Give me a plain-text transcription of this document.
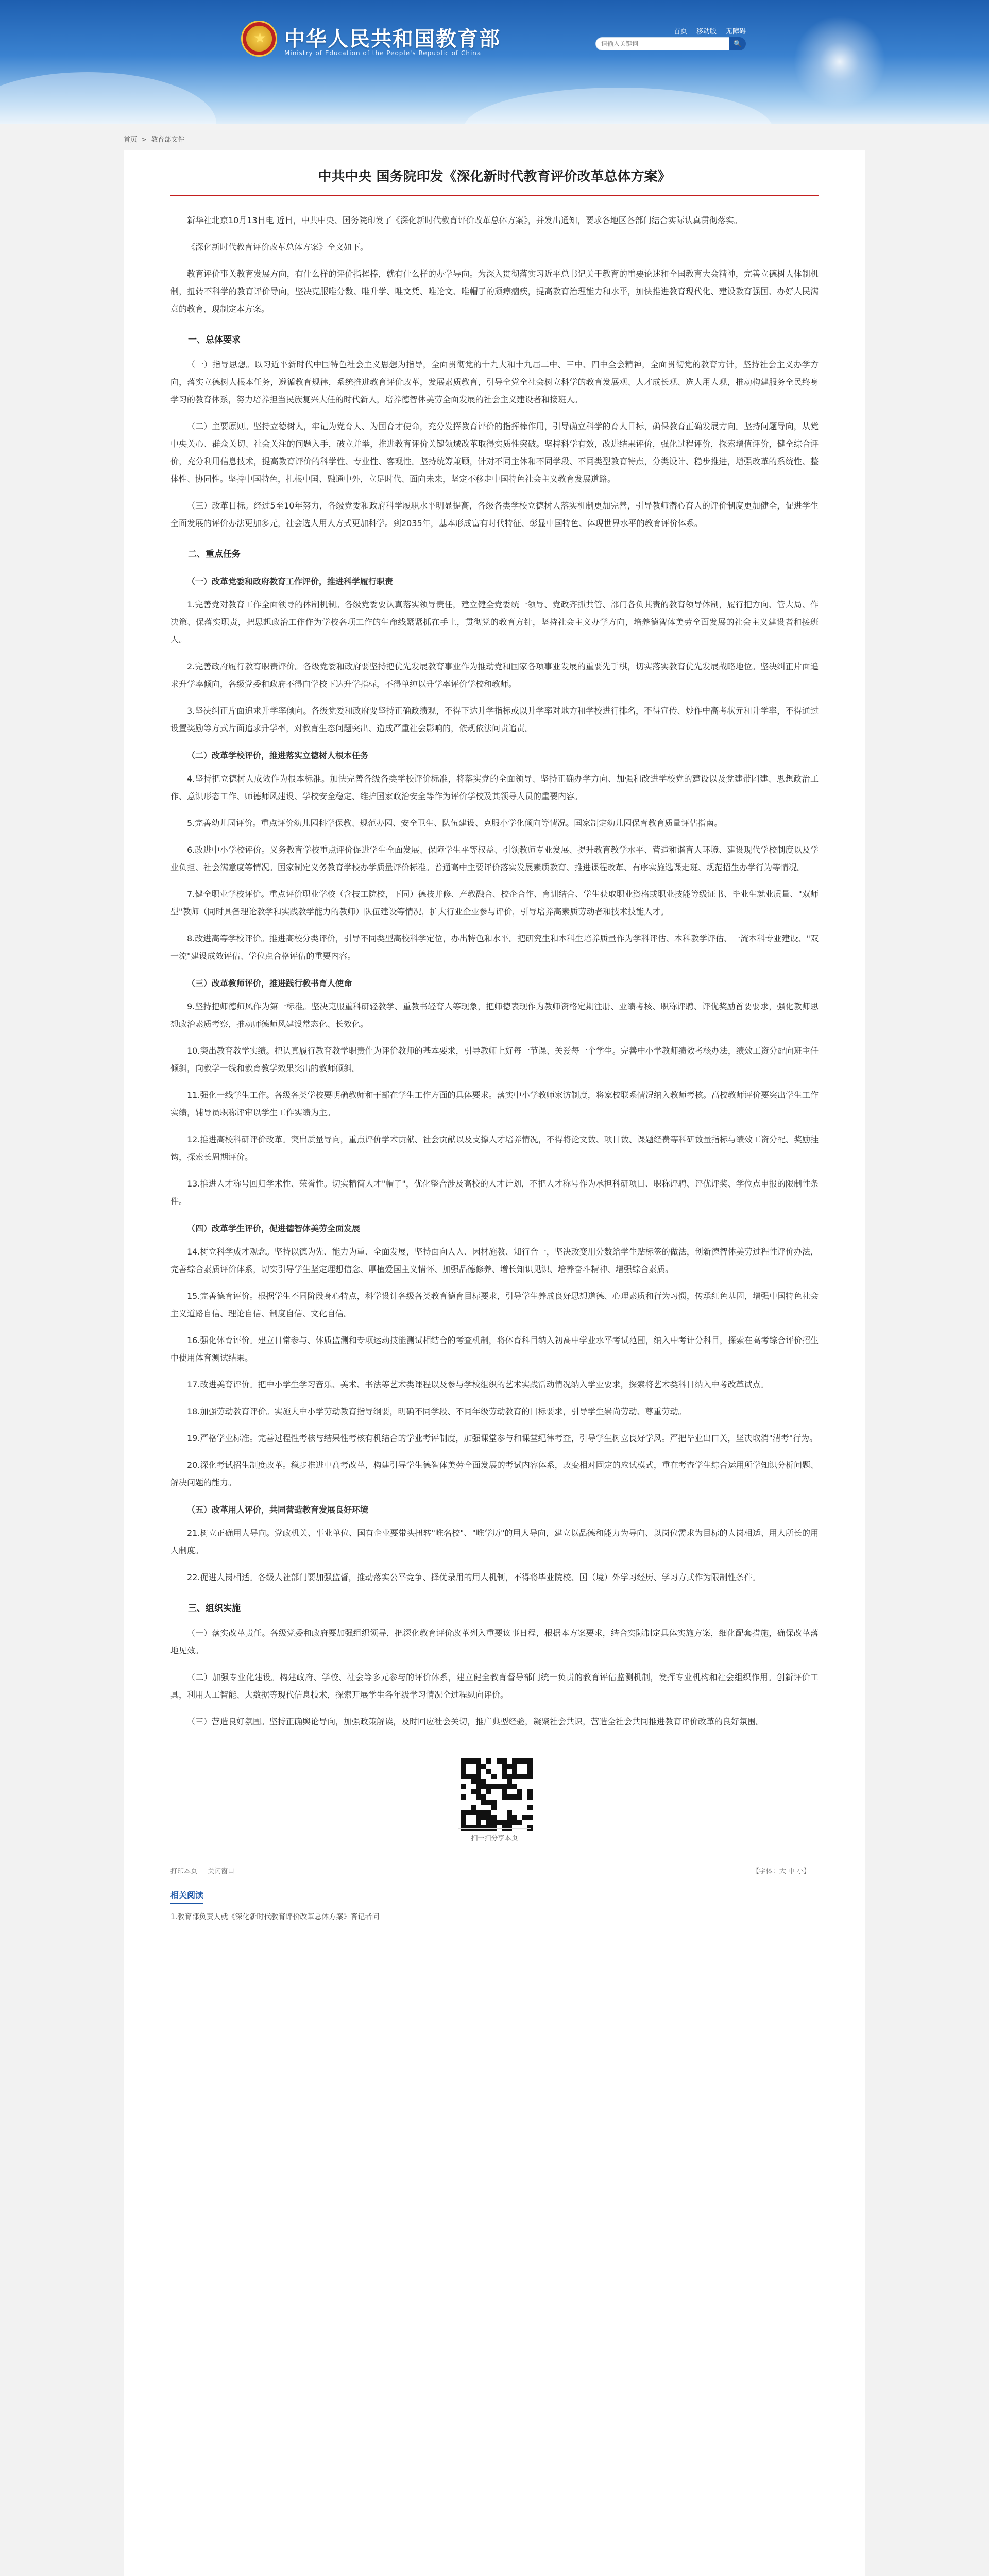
★
中华人民共和国教育部
Ministry of Education of the People's Republic of China
首页 移动版 无障碍
请输入关键词
🔍
首页 > 教育部文件
中共中央 国务院印发《深化新时代教育评价改革总体方案》

新华社北京10月13日电 近日，中共中央、国务院印发了《深化新时代教育评价改革总体方案》，并发出通知，要求各地区各部门结合实际认真贯彻落实。

《深化新时代教育评价改革总体方案》全文如下。

教育评价事关教育发展方向，有什么样的评价指挥棒，就有什么样的办学导向。为深入贯彻落实习近平总书记关于教育的重要论述和全国教育大会精神，完善立德树人体制机制，扭转不科学的教育评价导向，坚决克服唯分数、唯升学、唯文凭、唯论文、唯帽子的顽瘴痼疾，提高教育治理能力和水平，加快推进教育现代化、建设教育强国、办好人民满意的教育，现制定本方案。

一、总体要求

（一）指导思想。以习近平新时代中国特色社会主义思想为指导，全面贯彻党的十九大和十九届二中、三中、四中全会精神，全面贯彻党的教育方针，坚持社会主义办学方向，落实立德树人根本任务，遵循教育规律，系统推进教育评价改革，发展素质教育，引导全党全社会树立科学的教育发展观、人才成长观、选人用人观，推动构建服务全民终身学习的教育体系，努力培养担当民族复兴大任的时代新人，培养德智体美劳全面发展的社会主义建设者和接班人。

（二）主要原则。坚持立德树人，牢记为党育人、为国育才使命，充分发挥教育评价的指挥棒作用，引导确立科学的育人目标，确保教育正确发展方向。坚持问题导向，从党中央关心、群众关切、社会关注的问题入手，破立并举，推进教育评价关键领域改革取得实质性突破。坚持科学有效，改进结果评价，强化过程评价，探索增值评价，健全综合评价，充分利用信息技术，提高教育评价的科学性、专业性、客观性。坚持统筹兼顾，针对不同主体和不同学段、不同类型教育特点，分类设计、稳步推进，增强改革的系统性、整体性、协同性。坚持中国特色，扎根中国、融通中外，立足时代、面向未来，坚定不移走中国特色社会主义教育发展道路。

（三）改革目标。经过5至10年努力，各级党委和政府科学履职水平明显提高，各级各类学校立德树人落实机制更加完善，引导教师潜心育人的评价制度更加健全，促进学生全面发展的评价办法更加多元，社会选人用人方式更加科学。到2035年，基本形成富有时代特征、彰显中国特色、体现世界水平的教育评价体系。

二、重点任务
（一）改革党委和政府教育工作评价，推进科学履行职责

1.完善党对教育工作全面领导的体制机制。各级党委要认真落实领导责任，建立健全党委统一领导、党政齐抓共管、部门各负其责的教育领导体制，履行把方向、管大局、作决策、保落实职责，把思想政治工作作为学校各项工作的生命线紧紧抓在手上，贯彻党的教育方针，坚持社会主义办学方向，培养德智体美劳全面发展的社会主义建设者和接班人。

2.完善政府履行教育职责评价。各级党委和政府要坚持把优先发展教育事业作为推动党和国家各项事业发展的重要先手棋，切实落实教育优先发展战略地位。坚决纠正片面追求升学率倾向，各级党委和政府不得向学校下达升学指标，不得单纯以升学率评价学校和教师。

3.坚决纠正片面追求升学率倾向。各级党委和政府要坚持正确政绩观，不得下达升学指标或以升学率对地方和学校进行排名，不得宣传、炒作中高考状元和升学率，不得通过设置奖励等方式片面追求升学率，对教育生态问题突出、造成严重社会影响的，依规依法问责追责。

（二）改革学校评价，推进落实立德树人根本任务

4.坚持把立德树人成效作为根本标准。加快完善各级各类学校评价标准，将落实党的全面领导、坚持正确办学方向、加强和改进学校党的建设以及党建带团建、思想政治工作、意识形态工作、师德师风建设、学校安全稳定、维护国家政治安全等作为评价学校及其领导人员的重要内容。

5.完善幼儿园评价。重点评价幼儿园科学保教、规范办园、安全卫生、队伍建设、克服小学化倾向等情况。国家制定幼儿园保育教育质量评估指南。

6.改进中小学校评价。义务教育学校重点评价促进学生全面发展、保障学生平等权益、引领教师专业发展、提升教育教学水平、营造和谐育人环境、建设现代学校制度以及学业负担、社会满意度等情况。国家制定义务教育学校办学质量评价标准。普通高中主要评价落实发展素质教育、推进课程改革、有序实施选课走班、规范招生办学行为等情况。

7.健全职业学校评价。重点评价职业学校（含技工院校，下同）德技并修、产教融合、校企合作、育训结合、学生获取职业资格或职业技能等级证书、毕业生就业质量、"双师型"教师（同时具备理论教学和实践教学能力的教师）队伍建设等情况，扩大行业企业参与评价，引导培养高素质劳动者和技术技能人才。

8.改进高等学校评价。推进高校分类评价，引导不同类型高校科学定位，办出特色和水平。把研究生和本科生培养质量作为学科评估、本科教学评估、一流本科专业建设、"双一流"建设成效评估、学位点合格评估的重要内容。

（三）改革教师评价，推进践行教书育人使命

9.坚持把师德师风作为第一标准。坚决克服重科研轻教学、重教书轻育人等现象，把师德表现作为教师资格定期注册、业绩考核、职称评聘、评优奖励首要要求，强化教师思想政治素质考察，推动师德师风建设常态化、长效化。

10.突出教育教学实绩。把认真履行教育教学职责作为评价教师的基本要求，引导教师上好每一节课、关爱每一个学生。完善中小学教师绩效考核办法，绩效工资分配向班主任倾斜，向教学一线和教育教学效果突出的教师倾斜。

11.强化一线学生工作。各级各类学校要明确教师和干部在学生工作方面的具体要求。落实中小学教师家访制度，将家校联系情况纳入教师考核。高校教师评价要突出学生工作实绩，辅导员职称评审以学生工作实绩为主。

12.推进高校科研评价改革。突出质量导向，重点评价学术贡献、社会贡献以及支撑人才培养情况，不得将论文数、项目数、课题经费等科研数量指标与绩效工资分配、奖励挂钩，探索长周期评价。

13.推进人才称号回归学术性、荣誉性。切实精简人才"帽子"，优化整合涉及高校的人才计划，不把人才称号作为承担科研项目、职称评聘、评优评奖、学位点申报的限制性条件。

（四）改革学生评价，促进德智体美劳全面发展

14.树立科学成才观念。坚持以德为先、能力为重、全面发展，坚持面向人人、因材施教、知行合一，坚决改变用分数给学生贴标签的做法，创新德智体美劳过程性评价办法，完善综合素质评价体系，切实引导学生坚定理想信念、厚植爱国主义情怀、加强品德修养、增长知识见识、培养奋斗精神、增强综合素质。

15.完善德育评价。根据学生不同阶段身心特点，科学设计各级各类教育德育目标要求，引导学生养成良好思想道德、心理素质和行为习惯，传承红色基因，增强中国特色社会主义道路自信、理论自信、制度自信、文化自信。

16.强化体育评价。建立日常参与、体质监测和专项运动技能测试相结合的考查机制，将体育科目纳入初高中学业水平考试范围，纳入中考计分科目，探索在高考综合评价招生中使用体育测试结果。

17.改进美育评价。把中小学生学习音乐、美术、书法等艺术类课程以及参与学校组织的艺术实践活动情况纳入学业要求，探索将艺术类科目纳入中考改革试点。

18.加强劳动教育评价。实施大中小学劳动教育指导纲要，明确不同学段、不同年级劳动教育的目标要求，引导学生崇尚劳动、尊重劳动。

19.严格学业标准。完善过程性考核与结果性考核有机结合的学业考评制度，加强课堂参与和课堂纪律考查，引导学生树立良好学风。严把毕业出口关，坚决取消"清考"行为。

20.深化考试招生制度改革。稳步推进中高考改革，构建引导学生德智体美劳全面发展的考试内容体系，改变相对固定的应试模式，重在考查学生综合运用所学知识分析问题、解决问题的能力。

（五）改革用人评价，共同营造教育发展良好环境

21.树立正确用人导向。党政机关、事业单位、国有企业要带头扭转"唯名校"、"唯学历"的用人导向，建立以品德和能力为导向、以岗位需求为目标的人岗相适、用人所长的用人制度。

22.促进人岗相适。各级人社部门要加强监督，推动落实公平竞争、择优录用的用人机制，不得将毕业院校、国（境）外学习经历、学习方式作为限制性条件。

三、组织实施

（一）落实改革责任。各级党委和政府要加强组织领导，把深化教育评价改革列入重要议事日程，根据本方案要求，结合实际制定具体实施方案，细化配套措施，确保改革落地见效。

（二）加强专业化建设。构建政府、学校、社会等多元参与的评价体系，建立健全教育督导部门统一负责的教育评估监测机制，发挥专业机构和社会组织作用。创新评价工具，利用人工智能、大数据等现代信息技术，探索开展学生各年级学习情况全过程纵向评价。

（三）营造良好氛围。坚持正确舆论导向，加强政策解读，及时回应社会关切，推广典型经验，凝聚社会共识，营造全社会共同推进教育评价改革的良好氛围。

扫一扫分享本页
打印本页 关闭窗口	【字体：大 中 小】
相关阅读
1.教育部负责人就《深化新时代教育评价改革总体方案》答记者问
